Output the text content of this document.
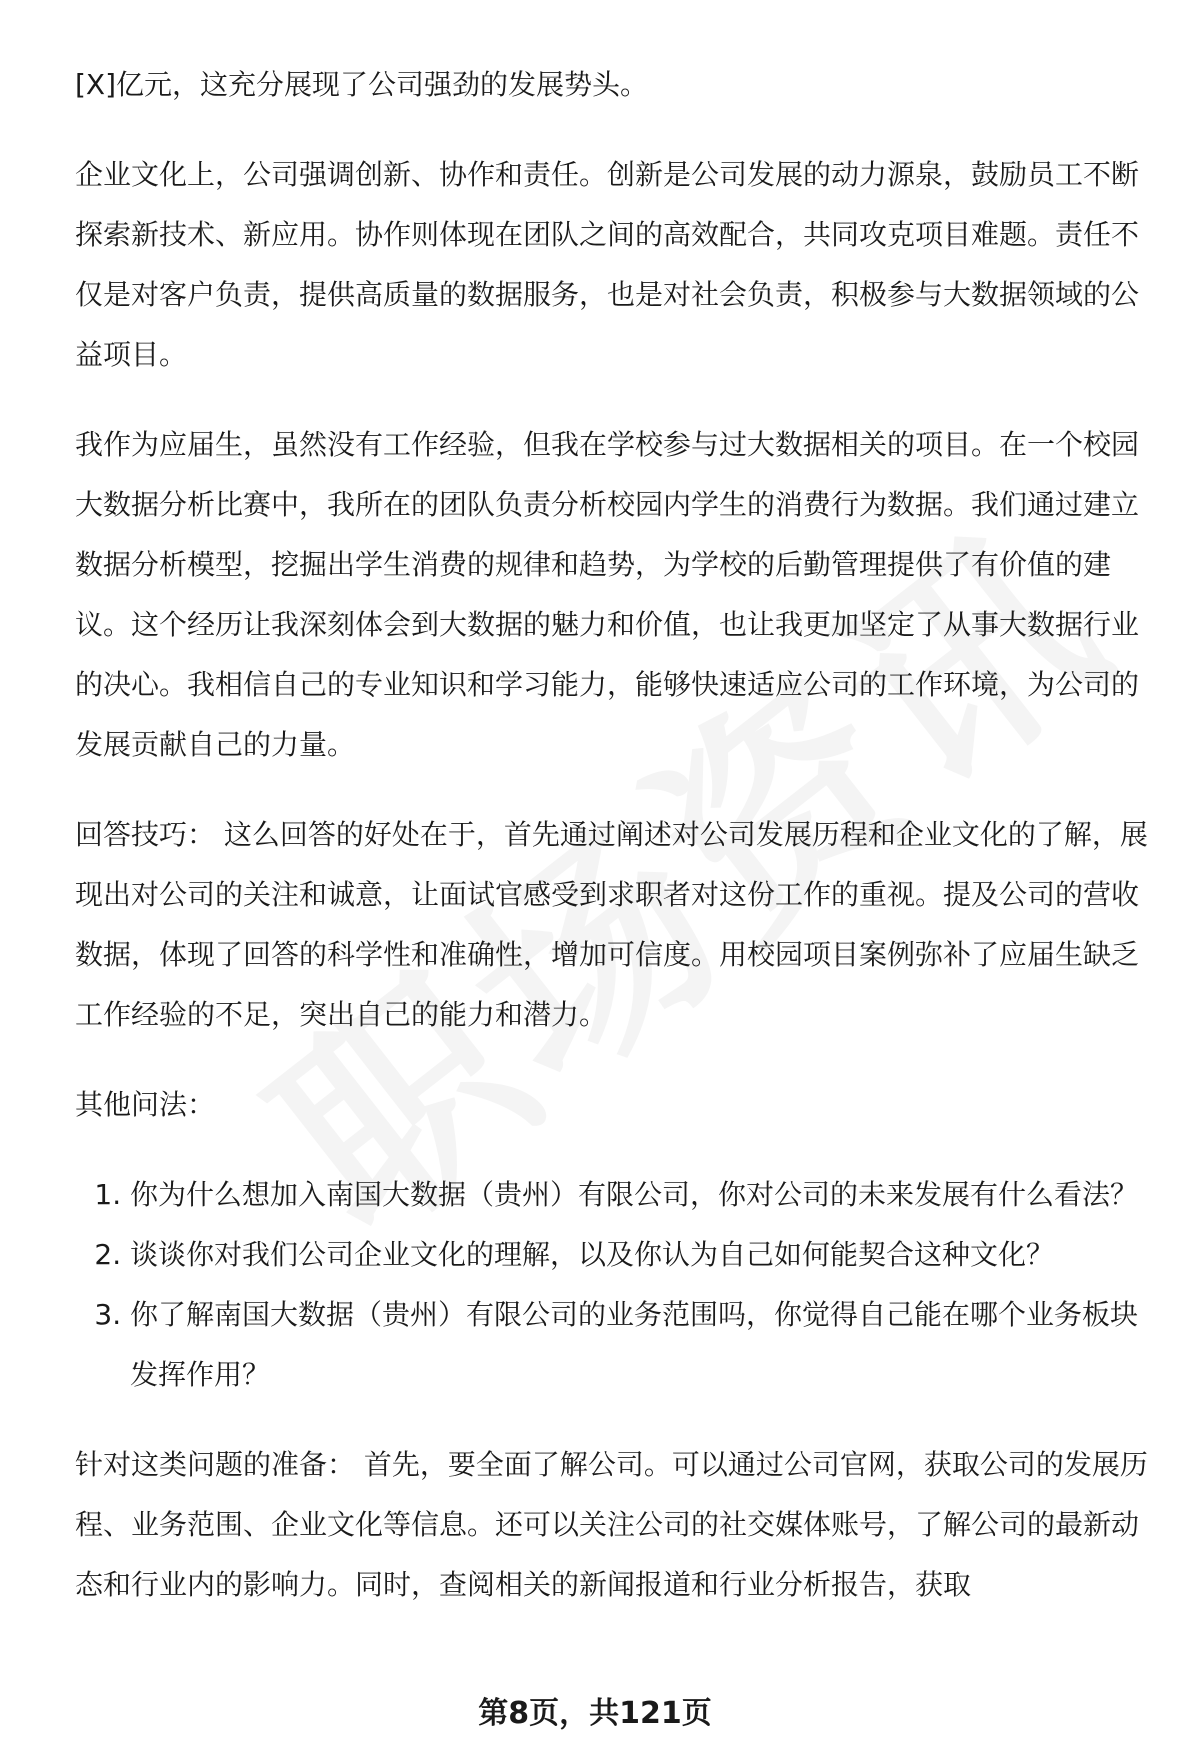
[X]亿元，这充分展现了公司强劲的发展势头。

企业文化上，公司强调创新、协作和责任。创新是公司发展的动力源泉，鼓励员工不断探索新技术、新应用。协作则体现在团队之间的高效配合，共同攻克项目难题。责任不仅是对客户负责，提供高质量的数据服务，也是对社会负责，积极参与大数据领域的公益项目。

我作为应届生，虽然没有工作经验，但我在学校参与过大数据相关的项目。在一个校园大数据分析比赛中，我所在的团队负责分析校园内学生的消费行为数据。我们通过建立数据分析模型，挖掘出学生消费的规律和趋势，为学校的后勤管理提供了有价值的建议。这个经历让我深刻体会到大数据的魅力和价值，也让我更加坚定了从事大数据行业的决心。我相信自己的专业知识和学习能力，能够快速适应公司的工作环境，为公司的发展贡献自己的力量。

回答技巧： 这么回答的好处在于，首先通过阐述对公司发展历程和企业文化的了解，展现出对公司的关注和诚意，让面试官感受到求职者对这份工作的重视。提及公司的营收数据，体现了回答的科学性和准确性，增加可信度。用校园项目案例弥补了应届生缺乏工作经验的不足，突出自己的能力和潜力。

其他问法：

1. 你为什么想加入南国大数据（贵州）有限公司，你对公司的未来发展有什么看法？
2. 谈谈你对我们公司企业文化的理解，以及你认为自己如何能契合这种文化？
3. 你了解南国大数据（贵州）有限公司的业务范围吗，你觉得自己能在哪个业务板块发挥作用？

针对这类问题的准备： 首先，要全面了解公司。可以通过公司官网，获取公司的发展历程、业务范围、企业文化等信息。还可以关注公司的社交媒体账号，了解公司的最新动态和行业内的影响力。同时，查阅相关的新闻报道和行业分析报告，获取

第8页，共121页
